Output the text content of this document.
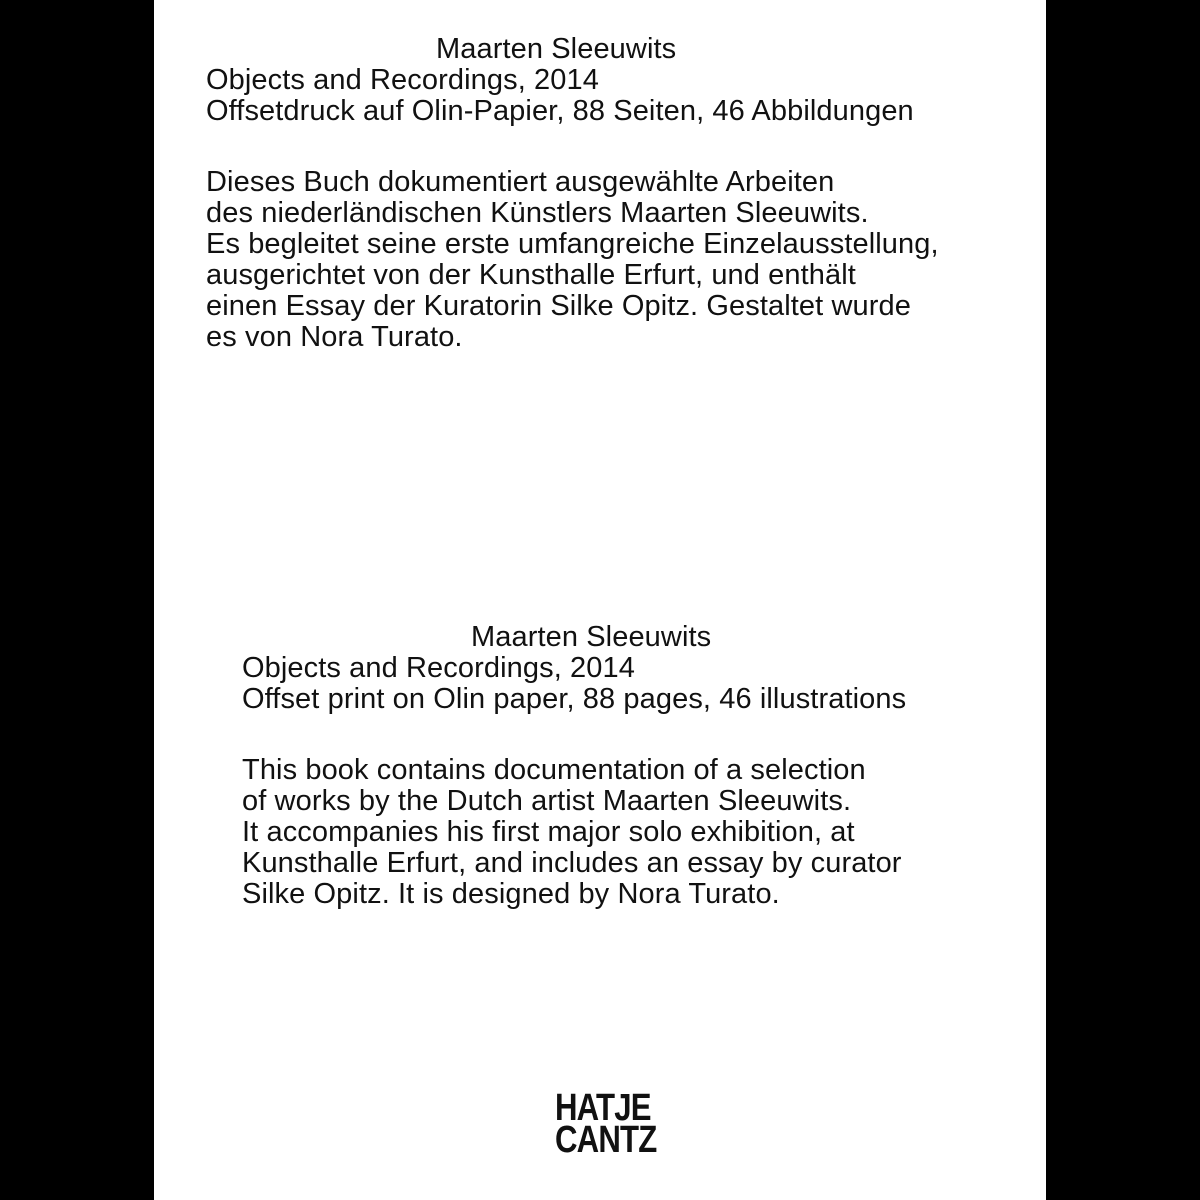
Maarten Sleeuwits
Objects and Recordings, 2014
Offsetdruck auf Olin-Papier, 88 Seiten, 46 Abbildungen
Dieses Buch dokumentiert ausgewählte Arbeiten
des niederländischen Künstlers Maarten Sleeuwits.
Es begleitet seine erste umfangreiche Einzelausstellung,
ausgerichtet von der Kunsthalle Erfurt, und enthält
einen Essay der Kuratorin Silke Opitz. Gestaltet wurde
es von Nora Turato.
Maarten Sleeuwits
Objects and Recordings, 2014
Offset print on Olin paper, 88 pages, 46 illustrations
This book contains documentation of a selection
of works by the Dutch artist Maarten Sleeuwits.
It accompanies his first major solo exhibition, at
Kunsthalle Erfurt, and includes an essay by curator
Silke Opitz. It is designed by Nora Turato.
HATJE
CANTZ
